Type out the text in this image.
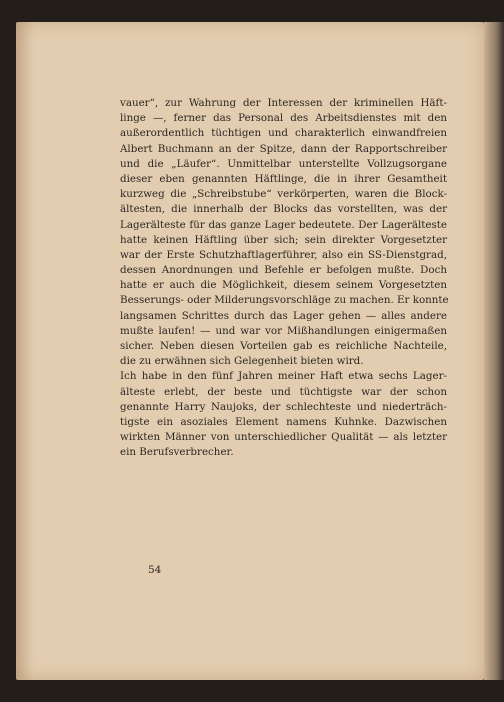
vauer“, zur Wahrung der Interessen der kriminellen Häft-
linge —, ferner das Personal des Arbeitsdienstes mit den
außerordentlich tüchtigen und charakterlich einwandfreien
Albert Buchmann an der Spitze, dann der Rapportschreiber
und die „Läufer“. Unmittelbar unterstellte Vollzugsorgane
dieser eben genannten Häftlinge, die in ihrer Gesamtheit
kurzweg die „Schreibstube“ verkörperten, waren die Block-
ältesten, die innerhalb der Blocks das vorstellten, was der
Lagerälteste für das ganze Lager bedeutete. Der Lagerälteste
hatte keinen Häftling über sich; sein direkter Vorgesetzter
war der Erste Schutzhaftlagerführer, also ein SS-Dienstgrad,
dessen Anordnungen und Befehle er befolgen mußte. Doch
hatte er auch die Möglichkeit, diesem seinem Vorgesetzten
Besserungs- oder Milderungsvorschläge zu machen. Er konnte
langsamen Schrittes durch das Lager gehen — alles andere
mußte laufen! — und war vor Mißhandlungen einigermaßen
sicher. Neben diesen Vorteilen gab es reichliche Nachteile,
die zu erwähnen sich Gelegenheit bieten wird.
Ich habe in den fünf Jahren meiner Haft etwa sechs Lager-
älteste erlebt, der beste und tüchtigste war der schon
genannte Harry Naujoks, der schlechteste und niederträch-
tigste ein asoziales Element namens Kuhnke. Dazwischen
wirkten Männer von unterschiedlicher Qualität — als letzter
ein Berufsverbrecher.
54
